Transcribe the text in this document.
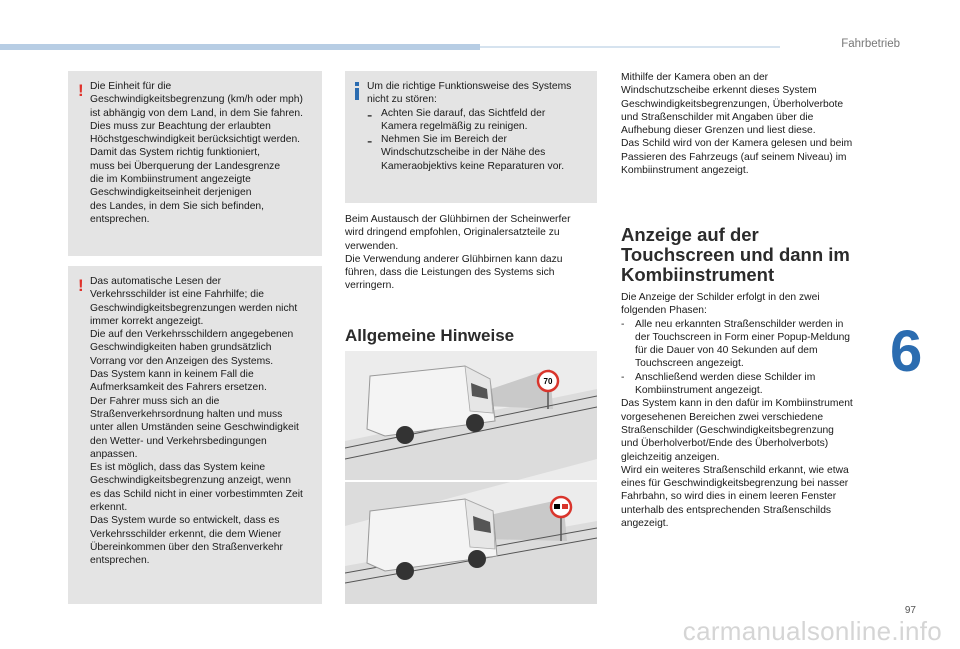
Fahrbetrieb
! Die Einheit für die

Geschwindigkeitsbegrenzung (km/h oder mph)

ist abhängig von dem Land, in dem Sie fahren.

Dies muss zur Beachtung der erlaubten

Höchstgeschwindigkeit berücksichtigt werden.

Damit das System richtig funktioniert,

muss bei Überquerung der Landesgrenze

die im Kombiinstrument angezeigte

Geschwindigkeitseinheit derjenigen

des Landes, in dem Sie sich befinden,

entsprechen.

! Das automatische Lesen der

Verkehrsschilder ist eine Fahrhilfe; die

Geschwindigkeitsbegrenzungen werden nicht

immer korrekt angezeigt.

Die auf den Verkehrsschildern angegebenen

Geschwindigkeiten haben grundsätzlich

Vorrang vor den Anzeigen des Systems.

Das System kann in keinem Fall die

Aufmerksamkeit des Fahrers ersetzen.

Der Fahrer muss sich an die

Straßenverkehrsordnung halten und muss

unter allen Umständen seine Geschwindigkeit

den Wetter- und Verkehrsbedingungen

anpassen.

Es ist möglich, dass das System keine

Geschwindigkeitsbegrenzung anzeigt, wenn

es das Schild nicht in einer vorbestimmten Zeit

erkennt.

Das System wurde so entwickelt, dass es

Verkehrsschilder erkennt, die dem Wiener

Übereinkommen über den Straßenverkehr

entsprechen.

Um die richtige Funktionsweise des Systems

nicht zu stören:

- Achten Sie darauf, das Sichtfeld der

Kamera regelmäßig zu reinigen.

- Nehmen Sie im Bereich der

Windschutzscheibe in der Nähe des

Kameraobjektivs keine Reparaturen vor.

Beim Austausch der Glühbirnen der Scheinwerfer

wird dringend empfohlen, Originalersatzteile zu

verwenden.

Die Verwendung anderer Glühbirnen kann dazu

führen, dass die Leistungen des Systems sich

verringern.

Allgemeine Hinweise
70

Mithilfe der Kamera oben an der

Windschutzscheibe erkennt dieses System

Geschwindigkeitsbegrenzungen, Überholverbote

und Straßenschilder mit Angaben über die

Aufhebung dieser Grenzen und liest diese.

Das Schild wird von der Kamera gelesen und beim

Passieren des Fahrzeugs (auf seinem Niveau) im

Kombiinstrument angezeigt.

Anzeige auf der
Touchscreen und dann im
Kombiinstrument

Die Anzeige der Schilder erfolgt in den zwei

folgenden Phasen:

- Alle neu erkannten Straßenschilder werden in

der Touchscreen in Form einer Popup-Meldung

für die Dauer von 40 Sekunden auf dem

Touchscreen angezeigt.

- Anschließend werden diese Schilder im

Kombiinstrument angezeigt.

Das System kann in den dafür im Kombiinstrument

vorgesehenen Bereichen zwei verschiedene

Straßenschilder (Geschwindigkeitsbegrenzung

und Überholverbot/Ende des Überholverbots)

gleichzeitig anzeigen.

Wird ein weiteres Straßenschild erkannt, wie etwa

eines für Geschwindigkeitsbegrenzung bei nasser

Fahrbahn, so wird dies in einem leeren Fenster

unterhalb des entsprechenden Straßenschilds

angezeigt.

6
97
carmanualsonline.info
